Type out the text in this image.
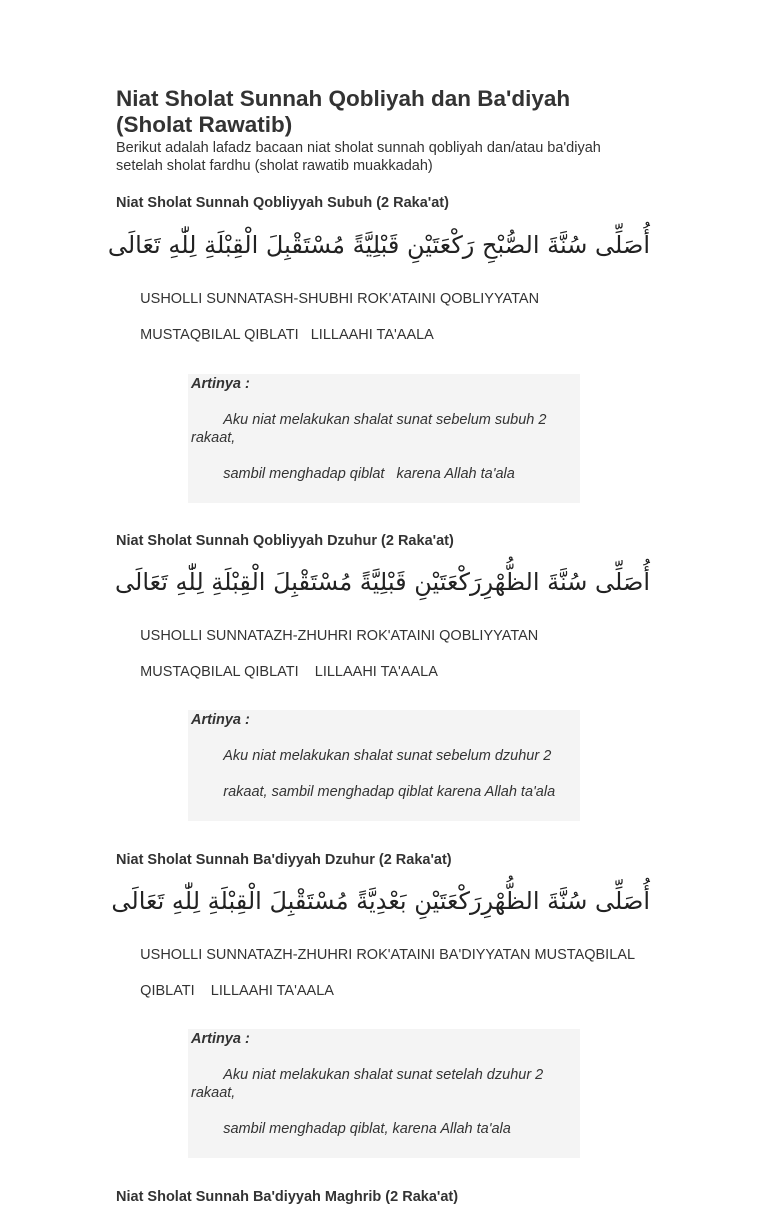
Niat Sholat Sunnah Qobliyah dan Ba'diyah
(Sholat Rawatib)

Berikut adalah lafadz bacaan niat sholat sunnah qobliyah dan/atau ba'diyah
setelah sholat fardhu (sholat rawatib muakkadah)

Niat Sholat Sunnah Qobliyyah Subuh (2 Raka'at)

أُصَلِّى سُنَّةَ الصُّبْحِ رَكْعَتَيْنِ قَبْلِيَّةً مُسْتَقْبِلَ الْقِبْلَةِ لِلّٰهِ تَعَالَى

USHOLLI SUNNATASH-SHUBHI ROK'ATAINI QOBLIYYATAN

MUSTAQBILAL QIBLATI   LILLAAHI TA'AALA

Artinya :

Aku niat melakukan shalat sunat sebelum subuh 2 rakaat,

sambil menghadap qiblat   karena Allah ta'ala

Niat Sholat Sunnah Qobliyyah Dzuhur (2 Raka'at)

أُصَلِّى سُنَّةَ الظُّهْرِرَكْعَتَيْنِ قَبْلِيَّةً مُسْتَقْبِلَ الْقِبْلَةِ لِلّٰهِ تَعَالَى

USHOLLI SUNNATAZH-ZHUHRI ROK'ATAINI QOBLIYYATAN

MUSTAQBILAL QIBLATI    LILLAAHI TA'AALA

Artinya :

Aku niat melakukan shalat sunat sebelum dzuhur 2

rakaat, sambil menghadap qiblat karena Allah ta'ala

Niat Sholat Sunnah Ba'diyyah Dzuhur (2 Raka'at)

أُصَلِّى سُنَّةَ الظُّهْرِرَكْعَتَيْنِ بَعْدِيَّةً مُسْتَقْبِلَ الْقِبْلَةِ لِلّٰهِ تَعَالَى

USHOLLI SUNNATAZH-ZHUHRI ROK'ATAINI BA'DIYYATAN MUSTAQBILAL

QIBLATI    LILLAAHI TA'AALA

Artinya :

Aku niat melakukan shalat sunat setelah dzuhur 2 rakaat,

sambil menghadap qiblat, karena Allah ta'ala

Niat Sholat Sunnah Ba'diyyah Maghrib (2 Raka'at)
